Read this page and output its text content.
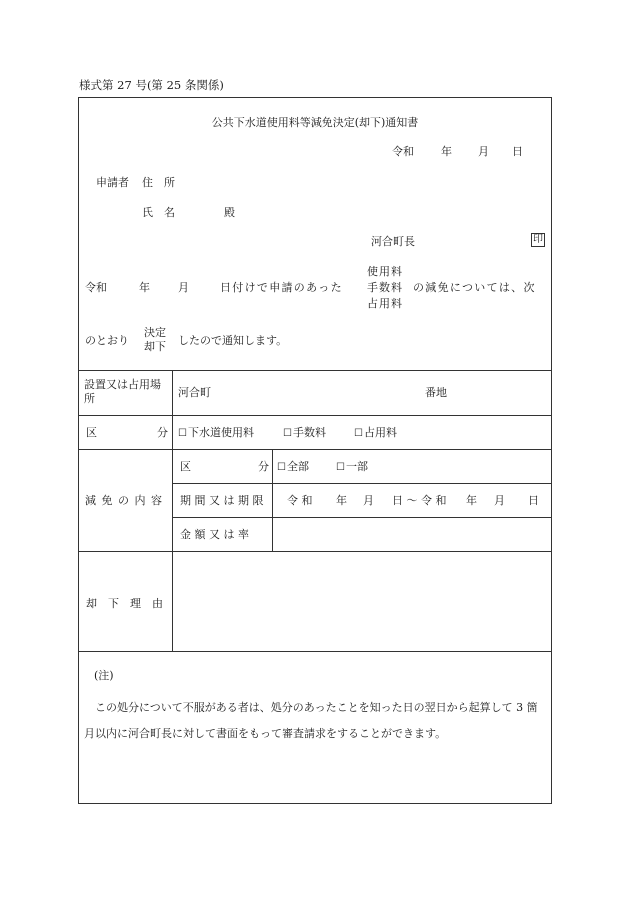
様式第 27 号(第 25 条関係)
公共下水道使用料等減免決定(却下)通知書
令和 年 月 日
申請者 住　所
氏　名	殿
河合町長	印
令和	年	月	日付けで申請のあった
使用料
手数料
占用料
の減免については、次
のとおり
決定
却下	したので通知します。
設置又は占用場所	河合町	番地
区	分 ☐下水道使用料	☐手数料	☐占用料
減 免 の 内 容
区	分 ☐全部	☐一部
期 間 又 は 期 限 令 和 年 月 日 〜 令 和 年 月 日
金 額 又 は 率
却　下　理　由
(注)
この処分について不服がある者は、処分のあったことを知った日の翌日から起算して 3 箇月以内に河合町長に対して書面をもって審査請求をすることができます。
